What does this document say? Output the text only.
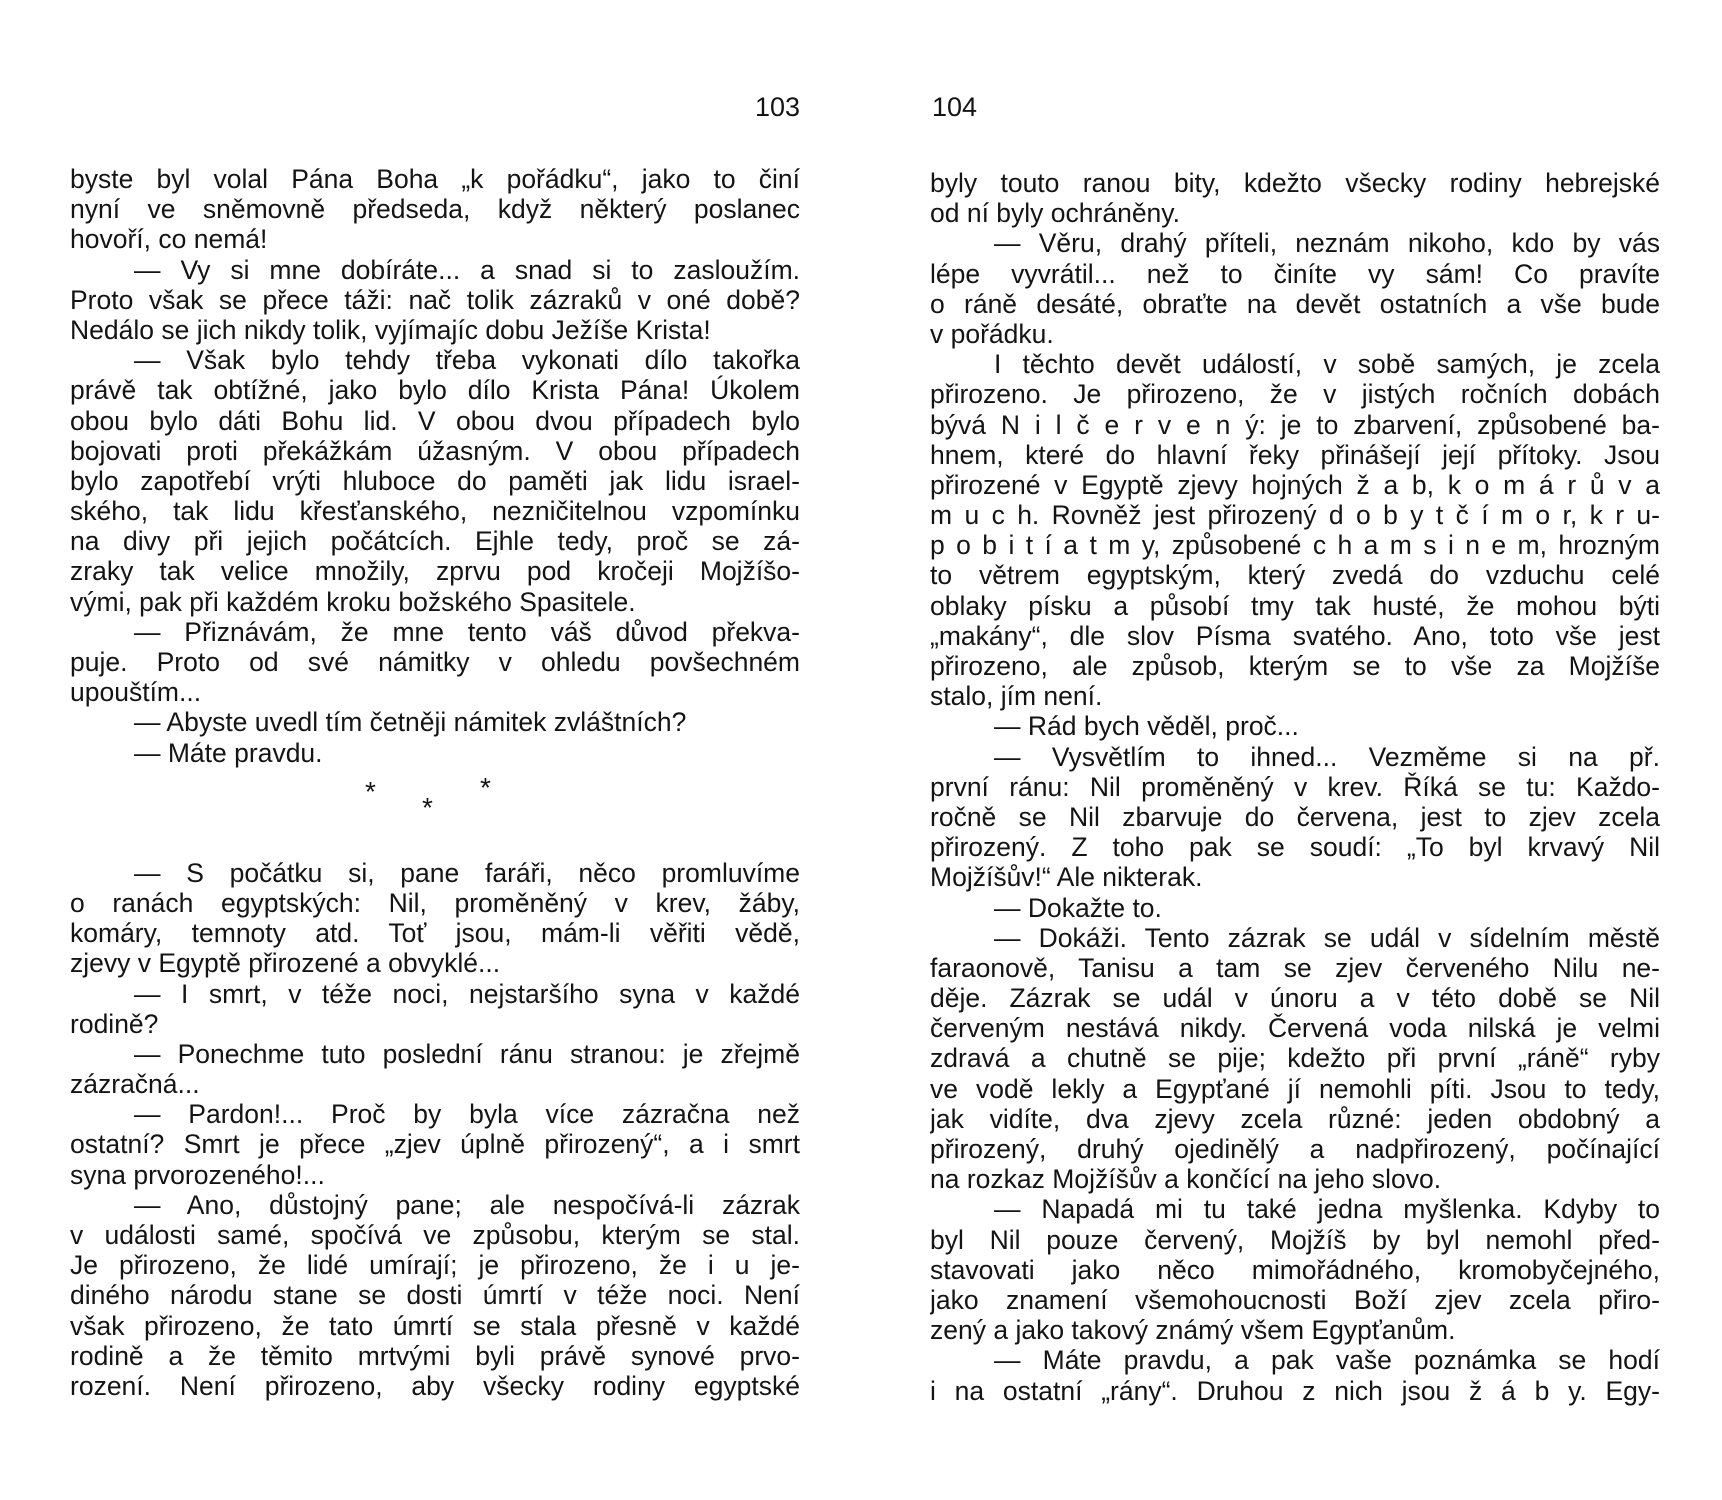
103
byste byl volal Pána Boha „k pořádku“, jako to činí
nyní ve sněmovně předseda, když některý poslanec
hovoří, co nemá!
— Vy si mne dobíráte... a snad si to zasloužím.
Proto však se přece táži: nač tolik zázraků v oné době?
Nedálo se jich nikdy tolik, vyjímajíc dobu Ježíše Krista!
— Však bylo tehdy třeba vykonati dílo takořka
právě tak obtížné, jako bylo dílo Krista Pána! Úkolem
obou bylo dáti Bohu lid. V obou dvou případech bylo
bojovati proti překážkám úžasným. V obou případech
bylo zapotřebí vrýti hluboce do paměti jak lidu israel-
ského, tak lidu křesťanského, nezničitelnou vzpomínku
na divy při jejich počátcích. Ejhle tedy, proč se zá-
zraky tak velice množily, zprvu pod kročeji Mojžíšo-
vými, pak při každém kroku božského Spasitele.
— Přiznávám, že mne tento váš důvod překva-
puje. Proto od své námitky v ohledu povšechném
upouštím...
— Abyste uvedl tím četněji námitek zvláštních?
— Máte pravdu.
*
*
*
— S počátku si, pane faráři, něco promluvíme
o ranách egyptských: Nil, proměněný v krev, žáby,
komáry, temnoty atd. Toť jsou, mám-li věřiti vědě,
zjevy v Egyptě přirozené a obvyklé...
— I smrt, v téže noci, nejstaršího syna v každé
rodině?
— Ponechme tuto poslední ránu stranou: je zřejmě
zázračná...
— Pardon!... Proč by byla více zázračna než
ostatní? Smrt je přece „zjev úplně přirozený“, a i smrt
syna prvorozeného!...
— Ano, důstojný pane; ale nespočívá-li zázrak
v události samé, spočívá ve způsobu, kterým se stal.
Je přirozeno, že lidé umírají; je přirozeno, že i u je-
diného národu stane se dosti úmrtí v téže noci. Není
však přirozeno, že tato úmrtí se stala přesně v každé
rodině a že těmito mrtvými byli právě synové prvo-
rození. Není přirozeno, aby všecky rodiny egyptské
104
byly touto ranou bity, kdežto všecky rodiny hebrejské
od ní byly ochráněny.
— Věru, drahý příteli, neznám nikoho, kdo by vás
lépe vyvrátil... než to činíte vy sám! Co pravíte
o ráně desáté, obraťte na devět ostatních a vše bude
v pořádku.
I těchto devět událostí, v sobě samých, je zcela
přirozeno. Je přirozeno, že v jistých ročních dobách
bývá N i l č e r v e n ý: je to zbarvení, způsobené ba-
hnem, které do hlavní řeky přinášejí její přítoky. Jsou
přirozené v Egyptě zjevy hojných ž a b, k o m á r ů v a
m u c h. Rovněž jest přirozený d o b y t č í m o r, k r u-
p o b i t í a t m y, způsobené c h a m s i n e m, hrozným
to větrem egyptským, který zvedá do vzduchu celé
oblaky písku a působí tmy tak husté, že mohou býti
„makány“, dle slov Písma svatého. Ano, toto vše jest
přirozeno, ale způsob, kterým se to vše za Mojžíše
stalo, jím není.
— Rád bych věděl, proč...
— Vysvětlím to ihned... Vezměme si na př.
první ránu: Nil proměněný v krev. Říká se tu: Každo-
ročně se Nil zbarvuje do červena, jest to zjev zcela
přirozený. Z toho pak se soudí: „To byl krvavý Nil
Mojžíšův!“ Ale nikterak.
— Dokažte to.
— Dokáži. Tento zázrak se udál v sídelním městě
faraonově, Tanisu a tam se zjev červeného Nilu ne-
děje. Zázrak se udál v únoru a v této době se Nil
červeným nestává nikdy. Červená voda nilská je velmi
zdravá a chutně se pije; kdežto při první „ráně“ ryby
ve vodě lekly a Egypťané jí nemohli píti. Jsou to tedy,
jak vidíte, dva zjevy zcela různé: jeden obdobný a
přirozený, druhý ojedinělý a nadpřirozený, počínající
na rozkaz Mojžíšův a končící na jeho slovo.
— Napadá mi tu také jedna myšlenka. Kdyby to
byl Nil pouze červený, Mojžíš by byl nemohl před-
stavovati jako něco mimořádného, kromobyčejného,
jako znamení všemohoucnosti Boží zjev zcela přiro-
zený a jako takový známý všem Egypťanům.
— Máte pravdu, a pak vaše poznámka se hodí
i na ostatní „rány“. Druhou z nich jsou ž á b y. Egy-
